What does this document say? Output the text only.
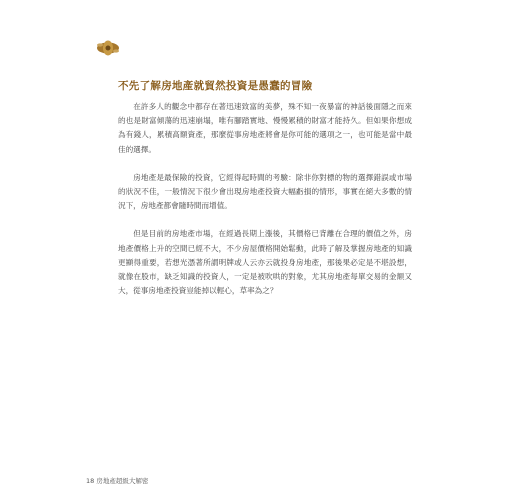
不先了解房地產就貿然投資是愚蠢的冒險

在許多人的觀念中都存在著迅速致富的美夢，殊不知一夜暴富的神話後面隱之而來的也是財富傾蕩的迅速崩塌，唯有腳踏實地、慢慢累積的財富才能持久。但如果你想成為有錢人，累積高額資產，那麼從事房地產將會是你可能的選項之一，也可能是當中最佳的選擇。

房地產是最保險的投資，它經得起時間的考驗：除非你對標的物的選擇錯誤或市場的狀況不佳，一般情況下很少會出現房地產投資大幅虧損的情形，事實在絕大多數的情況下，房地產都會隨時間而增值。

但是目前的房地產市場，在經過長期上漲後，其價格已背離在合理的價值之外，房地產價格上升的空間已經不大，不少房屋價格開始鬆動，此時了解及掌握房地產的知識更顯得重要，若想光憑著所謂明牌或人云亦云就投身房地產，那後果必定是不堪設想，就像在股市，缺乏知識的投資人，一定是被吹哄的對象，尤其房地產每單交易的金額又大，從事房地產投資豈能掉以輕心，草率為之？

18 房地產超級大解密
